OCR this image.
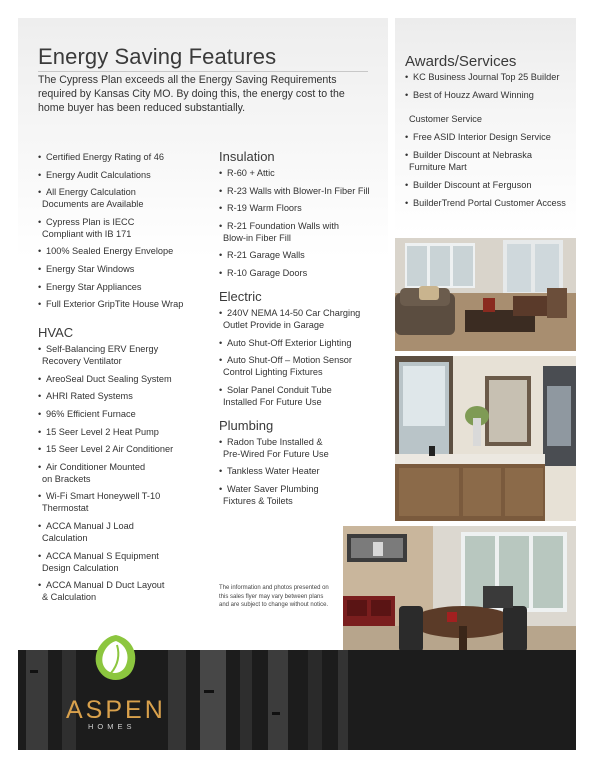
Energy Saving Features
The Cypress Plan exceeds all the Energy Saving Requirements required by Kansas City MO. By doing this, the energy cost to the home buyer has been reduced substantially.
• Certified Energy Rating of 46
• Energy Audit Calculations
• All Energy Calculation
Documents are Available
• Cypress Plan is IECC
Compliant with IB 171
• 100% Sealed Energy Envelope
• Energy Star Windows
• Energy Star Appliances
• Full Exterior GripTite House Wrap
HVAC
• Self-Balancing ERV Energy
Recovery Ventilator
• AreoSeal Duct Sealing System
• AHRI Rated Systems
• 96% Efficient Furnace
• 15 Seer Level 2 Heat Pump
• 15 Seer Level 2 Air Conditioner
• Air Conditioner Mounted
on Brackets
• Wi-Fi Smart Honeywell T-10
Thermostat
• ACCA Manual J Load
Calculation
• ACCA Manual S Equipment
Design Calculation
• ACCA Manual D Duct Layout
& Calculation
Insulation
• R-60 + Attic
• R-23 Walls with Blower-In Fiber Fill
• R-19 Warm Floors
• R-21 Foundation Walls with
Blow-in Fiber Fill
• R-21 Garage Walls
• R-10 Garage Doors
Electric
• 240V NEMA 14-50 Car Charging
Outlet Provide in Garage
• Auto Shut-Off Exterior Lighting
• Auto Shut-Off – Motion Sensor
Control Lighting Fixtures
• Solar Panel Conduit Tube
Installed For Future Use
Plumbing
• Radon Tube Installed &
Pre-Wired For Future Use
• Tankless Water Heater
• Water Saver Plumbing
Fixtures & Toilets
Awards/Services
• KC Business Journal Top 25 Builder
• Best of Houzz Award Winning

Customer Service
• Free ASID Interior Design Service
• Builder Discount at Nebraska
Furniture Mart
• Builder Discount at Ferguson
• BuilderTrend Portal Customer Access
The information and photos presented on this sales flyer may vary between plans and are subject to change without notice.
ASPEN
HOMES
